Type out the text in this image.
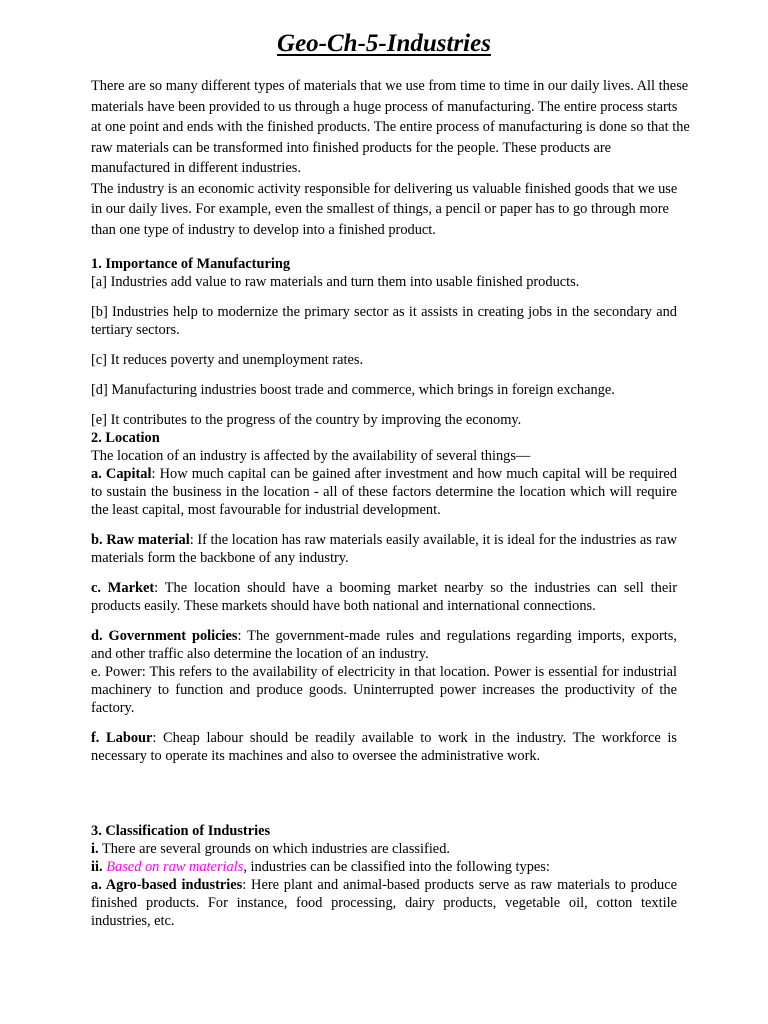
Geo-Ch-5-Industries

There are so many different types of materials that we use from time to time in our daily lives. All these materials have been provided to us through a huge process of manufacturing. The entire process starts at one point and ends with the finished products. The entire process of manufacturing is done so that the raw materials can be transformed into finished products for the people. These products are manufactured in different industries.

The industry is an economic activity responsible for delivering us valuable finished goods that we use in our daily lives. For example, even the smallest of things, a pencil or paper has to go through more than one type of industry to develop into a finished product.

1. Importance of Manufacturing

[a] Industries add value to raw materials and turn them into usable finished products.

[b] Industries help to modernize the primary sector as it assists in creating jobs in the secondary and tertiary sectors.

[c] It reduces poverty and unemployment rates.

[d] Manufacturing industries boost trade and commerce, which brings in foreign exchange.

[e] It contributes to the progress of the country by improving the economy.

2. Location

The location of an industry is affected by the availability of several things—

a. Capital: How much capital can be gained after investment and how much capital will be required to sustain the business in the location - all of these factors determine the location which will require the least capital, most favourable for industrial development.

b. Raw material: If the location has raw materials easily available, it is ideal for the industries as raw materials form the backbone of any industry.

c. Market: The location should have a booming market nearby so the industries can sell their products easily. These markets should have both national and international connections.

d. Government policies: The government-made rules and regulations regarding imports, exports, and other traffic also determine the location of an industry.

e. Power: This refers to the availability of electricity in that location. Power is essential for industrial machinery to function and produce goods. Uninterrupted power increases the productivity of the factory.

f. Labour: Cheap labour should be readily available to work in the industry. The workforce is necessary to operate its machines and also to oversee the administrative work.

3. Classification of Industries

i. There are several grounds on which industries are classified.

ii. Based on raw materials, industries can be classified into the following types:

a. Agro-based industries: Here plant and animal-based products serve as raw materials to produce finished products. For instance, food processing, dairy products, vegetable oil, cotton textile industries, etc.
